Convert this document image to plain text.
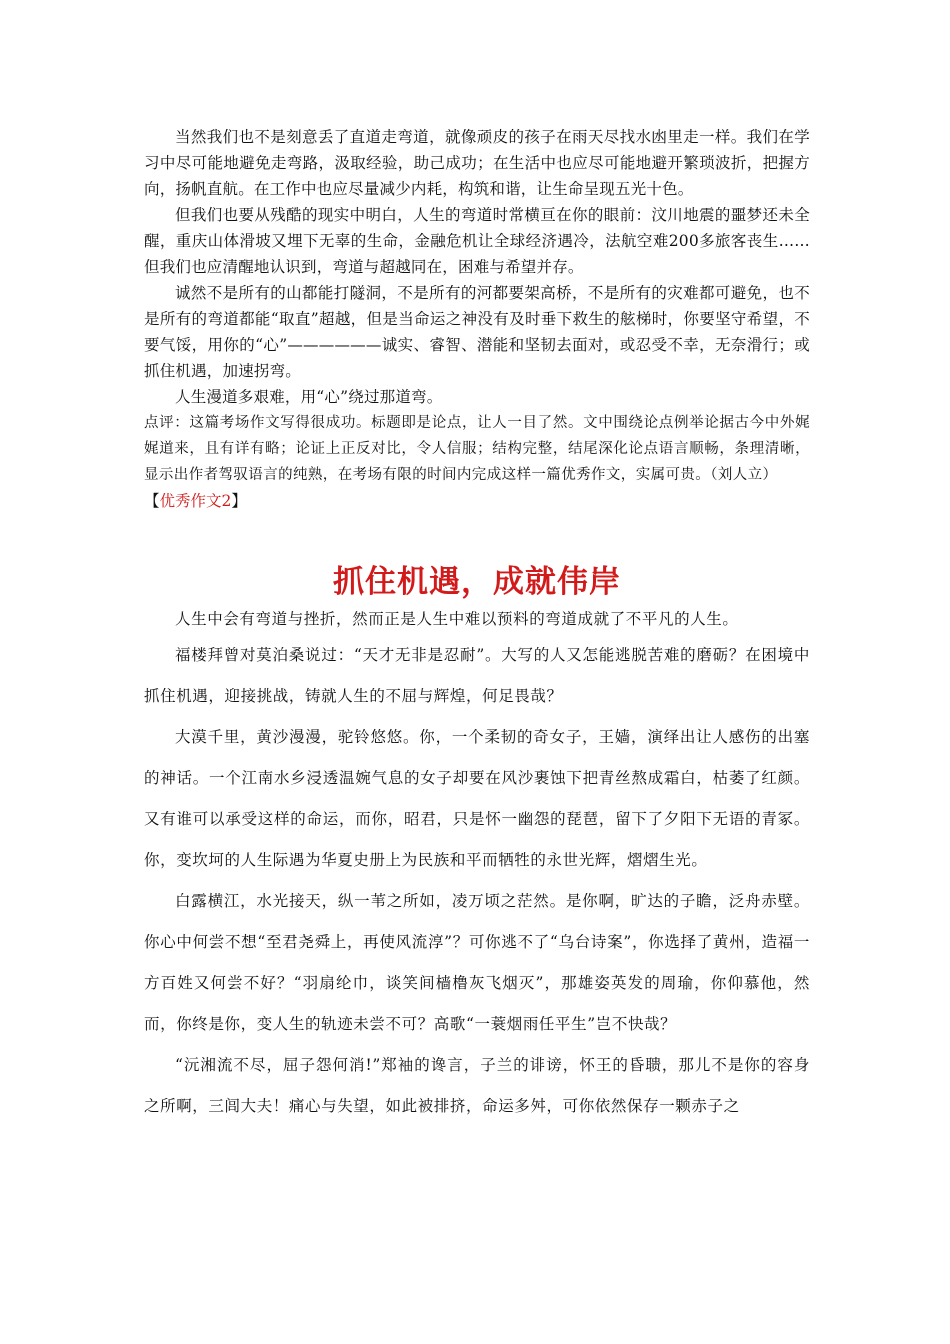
当然我们也不是刻意丢了直道走弯道，就像顽皮的孩子在雨天尽找水凼里走一样。我们在学习中尽可能地避免走弯路，汲取经验，助己成功；在生活中也应尽可能地避开繁琐波折，把握方向，扬帆直航。在工作中也应尽量减少内耗，构筑和谐，让生命呈现五光十色。

但我们也要从残酷的现实中明白，人生的弯道时常横亘在你的眼前：汶川地震的噩梦还未全醒，重庆山体滑坡又埋下无辜的生命，金融危机让全球经济遇冷，法航空难200多旅客丧生……但我们也应清醒地认识到，弯道与超越同在，困难与希望并存。

诚然不是所有的山都能打隧洞，不是所有的河都要架高桥，不是所有的灾难都可避免，也不是所有的弯道都能“取直”超越，但是当命运之神没有及时垂下救生的舷梯时，你要坚守希望，不要气馁，用你的“心”——————诚实、睿智、潜能和坚韧去面对，或忍受不幸，无奈滑行；或抓住机遇，加速拐弯。

人生漫道多艰难，用“心”绕过那道弯。

点评：这篇考场作文写得很成功。标题即是论点，让人一目了然。文中围绕论点例举论据古今中外娓娓道来，且有详有略；论证上正反对比，令人信服；结构完整，结尾深化论点语言顺畅，条理清晰，显示出作者驾驭语言的纯熟，在考场有限的时间内完成这样一篇优秀作文，实属可贵。（刘人立）

【优秀作文2】

抓住机遇，成就伟岸

人生中会有弯道与挫折，然而正是人生中难以预料的弯道成就了不平凡的人生。

福楼拜曾对莫泊桑说过：“天才无非是忍耐”。大写的人又怎能逃脱苦难的磨砺？在困境中抓住机遇，迎接挑战，铸就人生的不屈与辉煌，何足畏哉？

大漠千里，黄沙漫漫，驼铃悠悠。你，一个柔韧的奇女子，王嫱，演绎出让人感伤的出塞的神话。一个江南水乡浸透温婉气息的女子却要在风沙裹蚀下把青丝熬成霜白，枯萎了红颜。又有谁可以承受这样的命运，而你，昭君，只是怀一幽怨的琵琶，留下了夕阳下无语的青冢。你，变坎坷的人生际遇为华夏史册上为民族和平而牺牲的永世光辉，熠熠生光。

白露横江，水光接天，纵一苇之所如，凌万顷之茫然。是你啊，旷达的子瞻，泛舟赤壁。你心中何尝不想“至君尧舜上，再使风流淳”？可你逃不了“乌台诗案”，你选择了黄州，造福一方百姓又何尝不好？“羽扇纶巾，谈笑间樯橹灰飞烟灭”，那雄姿英发的周瑜，你仰慕他，然而，你终是你，变人生的轨迹未尝不可？高歌“一蓑烟雨任平生”岂不快哉？

“沅湘流不尽，屈子怨何消!”郑袖的谗言，子兰的诽谤，怀王的昏聩，那儿不是你的容身之所啊，三闾大夫！痛心与失望，如此被排挤，命运多舛，可你依然保存一颗赤子之
